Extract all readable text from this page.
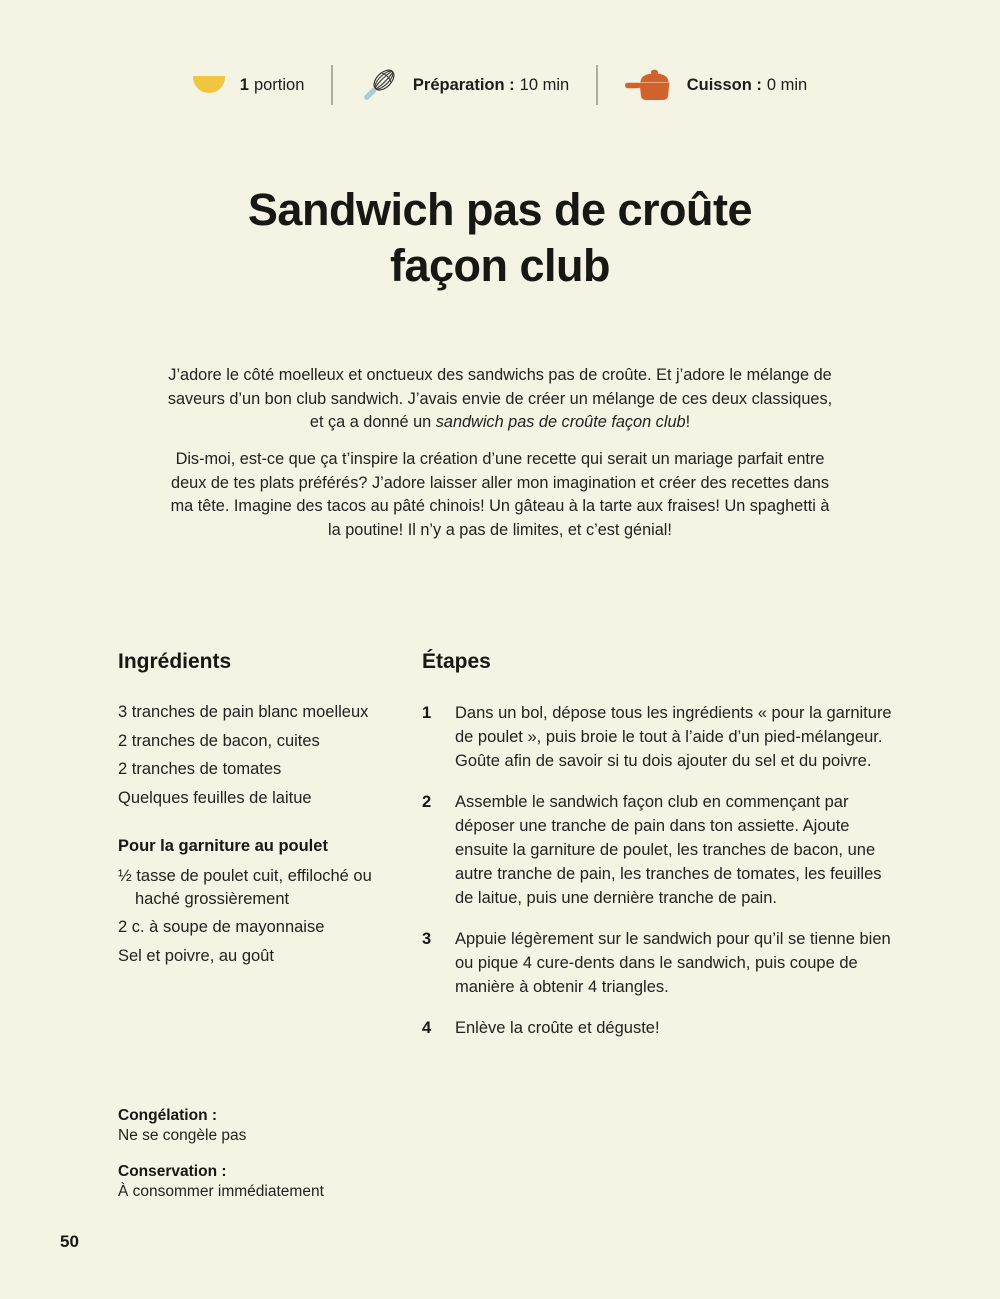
1 portion	Préparation : 10 min	Cuisson : 0 min
Sandwich pas de croûte
façon club

J’adore le côté moelleux et onctueux des sandwichs pas de croûte. Et j’adore le mélange de saveurs d’un bon club sandwich. J’avais envie de créer un mélange de ces deux classiques, et ça a donné un sandwich pas de croûte façon club!

Dis-moi, est-ce que ça t’inspire la création d’une recette qui serait un mariage parfait entre deux de tes plats préférés? J’adore laisser aller mon imagination et créer des recettes dans ma tête. Imagine des tacos au pâté chinois! Un gâteau à la tarte aux fraises! Un spaghetti à la poutine! Il n’y a pas de limites, et c’est génial!

Ingrédients
3 tranches de pain blanc moelleux
2 tranches de bacon, cuites
2 tranches de tomates
Quelques feuilles de laitue
Pour la garniture au poulet
½ tasse de poulet cuit, effiloché ou haché grossièrement
2 c. à soupe de mayonnaise
Sel et poivre, au goût
Étapes
1	Dans un bol, dépose tous les ingrédients « pour la garniture de poulet », puis broie le tout à l’aide d’un pied-mélangeur. Goûte afin de savoir si tu dois ajouter du sel et du poivre.
2	Assemble le sandwich façon club en commençant par déposer une tranche de pain dans ton assiette. Ajoute ensuite la garniture de poulet, les tranches de bacon, une autre tranche de pain, les tranches de tomates, les feuilles de laitue, puis une dernière tranche de pain.
3	Appuie légèrement sur le sandwich pour qu’il se tienne bien ou pique 4 cure-dents dans le sandwich, puis coupe de manière à obtenir 4 triangles.
4	Enlève la croûte et déguste!
Congélation :
Ne se congèle pas
Conservation :
À consommer immédiatement
50
